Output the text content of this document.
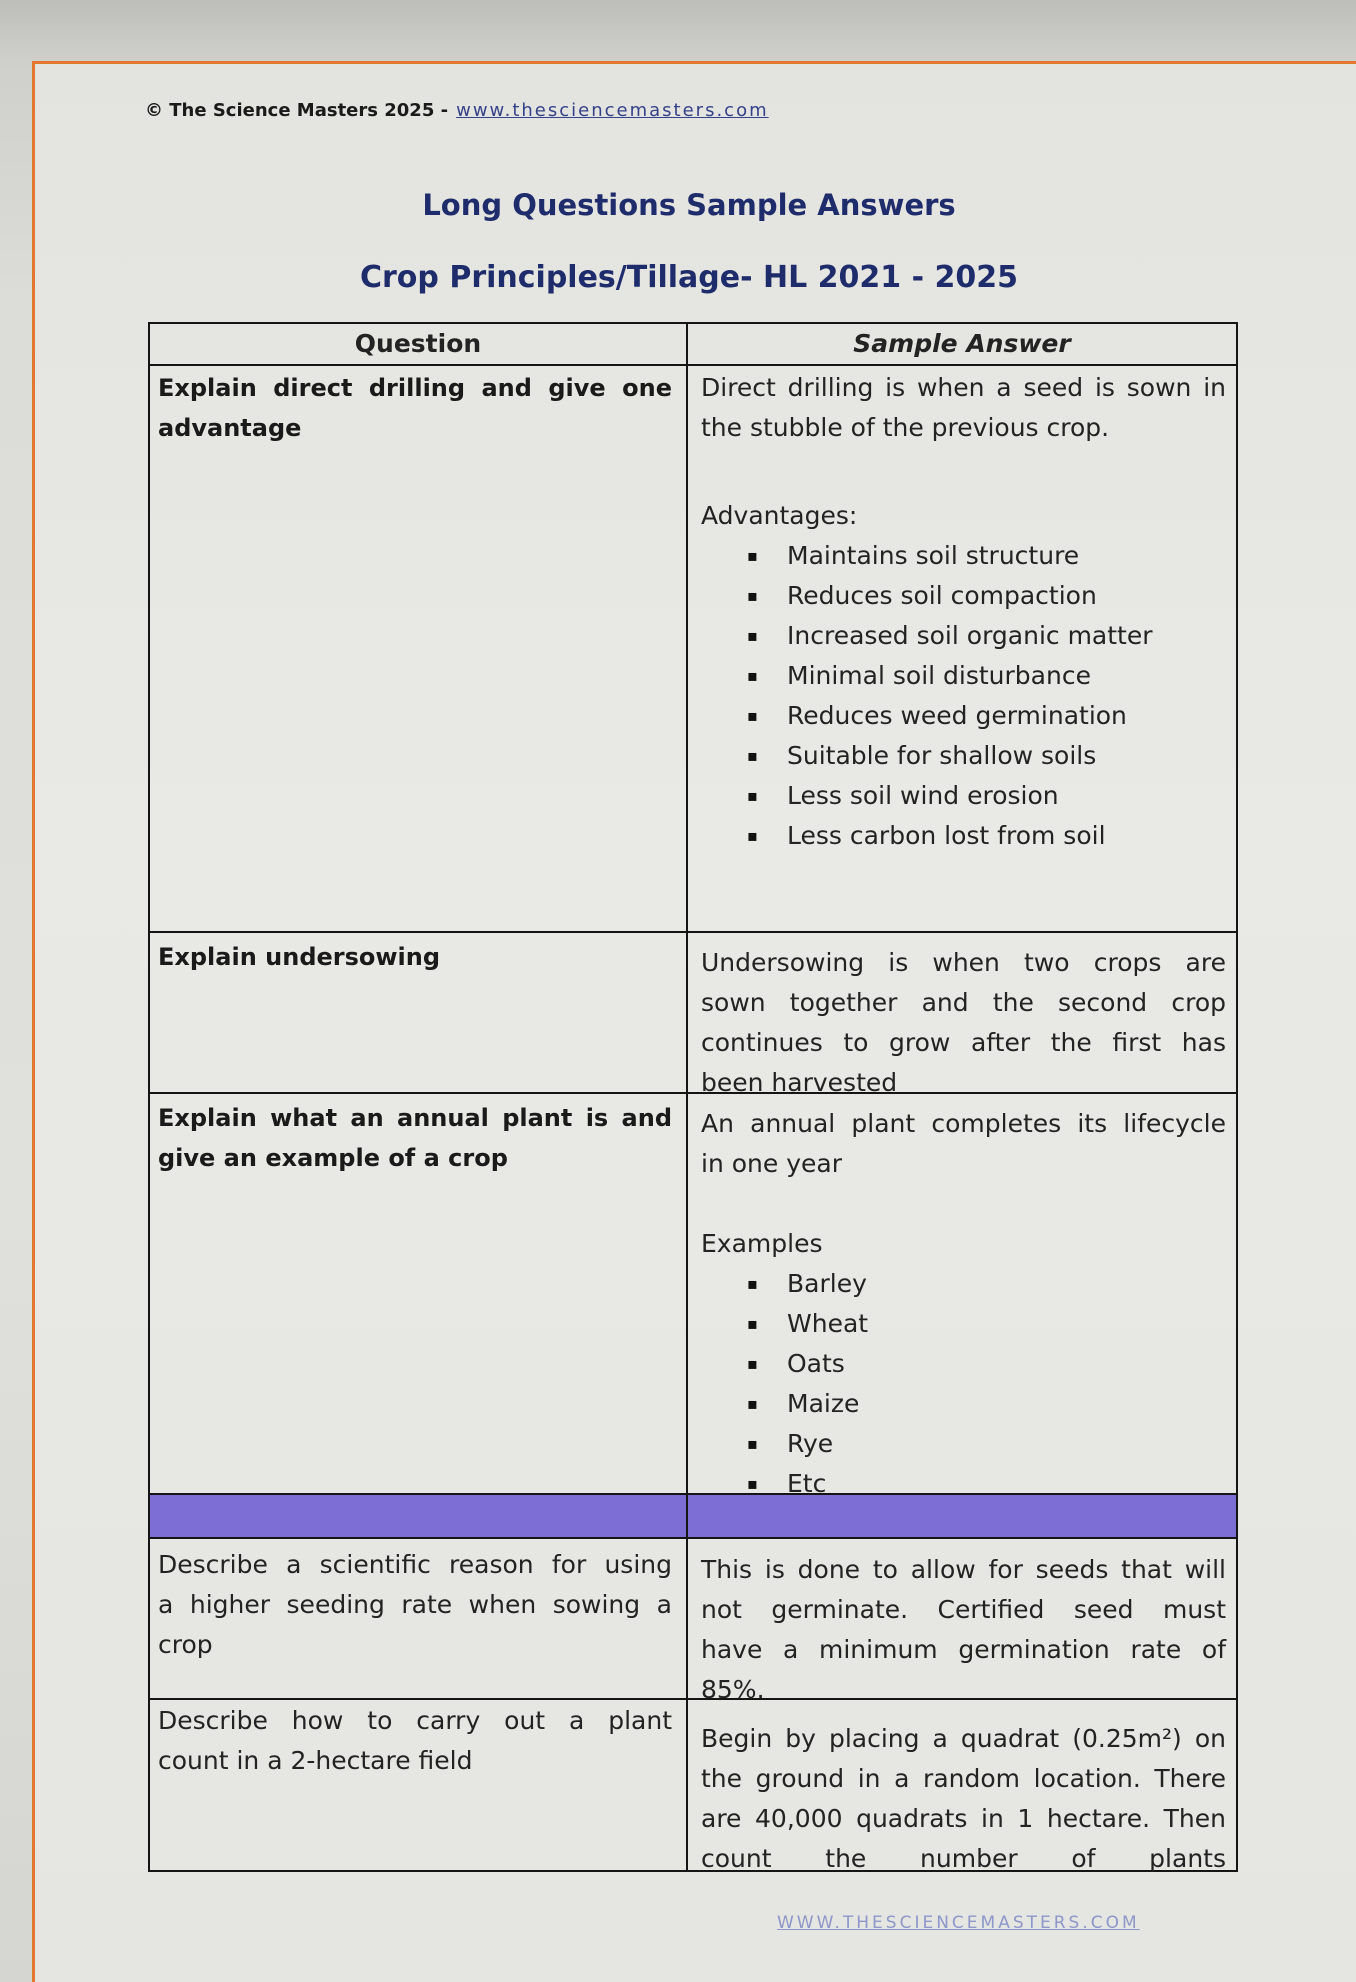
© The Science Masters 2025 - www.thesciencemasters.com
Long Questions Sample Answers
Crop Principles/Tillage- HL 2021 - 2025
Question	Sample Answer
Explain direct drilling and give one
advantage
Direct drilling is when a seed is sown in
the stubble of the previous crop.
Advantages:
▪ Maintains soil structure
▪ Reduces soil compaction
▪ Increased soil organic matter
▪ Minimal soil disturbance
▪ Reduces weed germination
▪ Suitable for shallow soils
▪ Less soil wind erosion
▪ Less carbon lost from soil
Explain undersowing	Undersowing is when two crops are
sown together and the second crop
continues to grow after the first has
been harvested
Explain what an annual plant is and
give an example of a crop
An annual plant completes its lifecycle
in one year
Examples
▪ Barley
▪ Wheat
▪ Oats
▪ Maize
▪ Rye
▪ Etc
Describe a scientific reason for using
a higher seeding rate when sowing a
crop
This is done to allow for seeds that will
not germinate. Certified seed must
have a minimum germination rate of
85%.
Describe how to carry out a plant
count in a 2-hectare field
Begin by placing a quadrat (0.25m²) on
the ground in a random location. There
are 40,000 quadrats in 1 hectare. Then
count the number of plants
WWW.THESCIENCEMASTERS.COM
